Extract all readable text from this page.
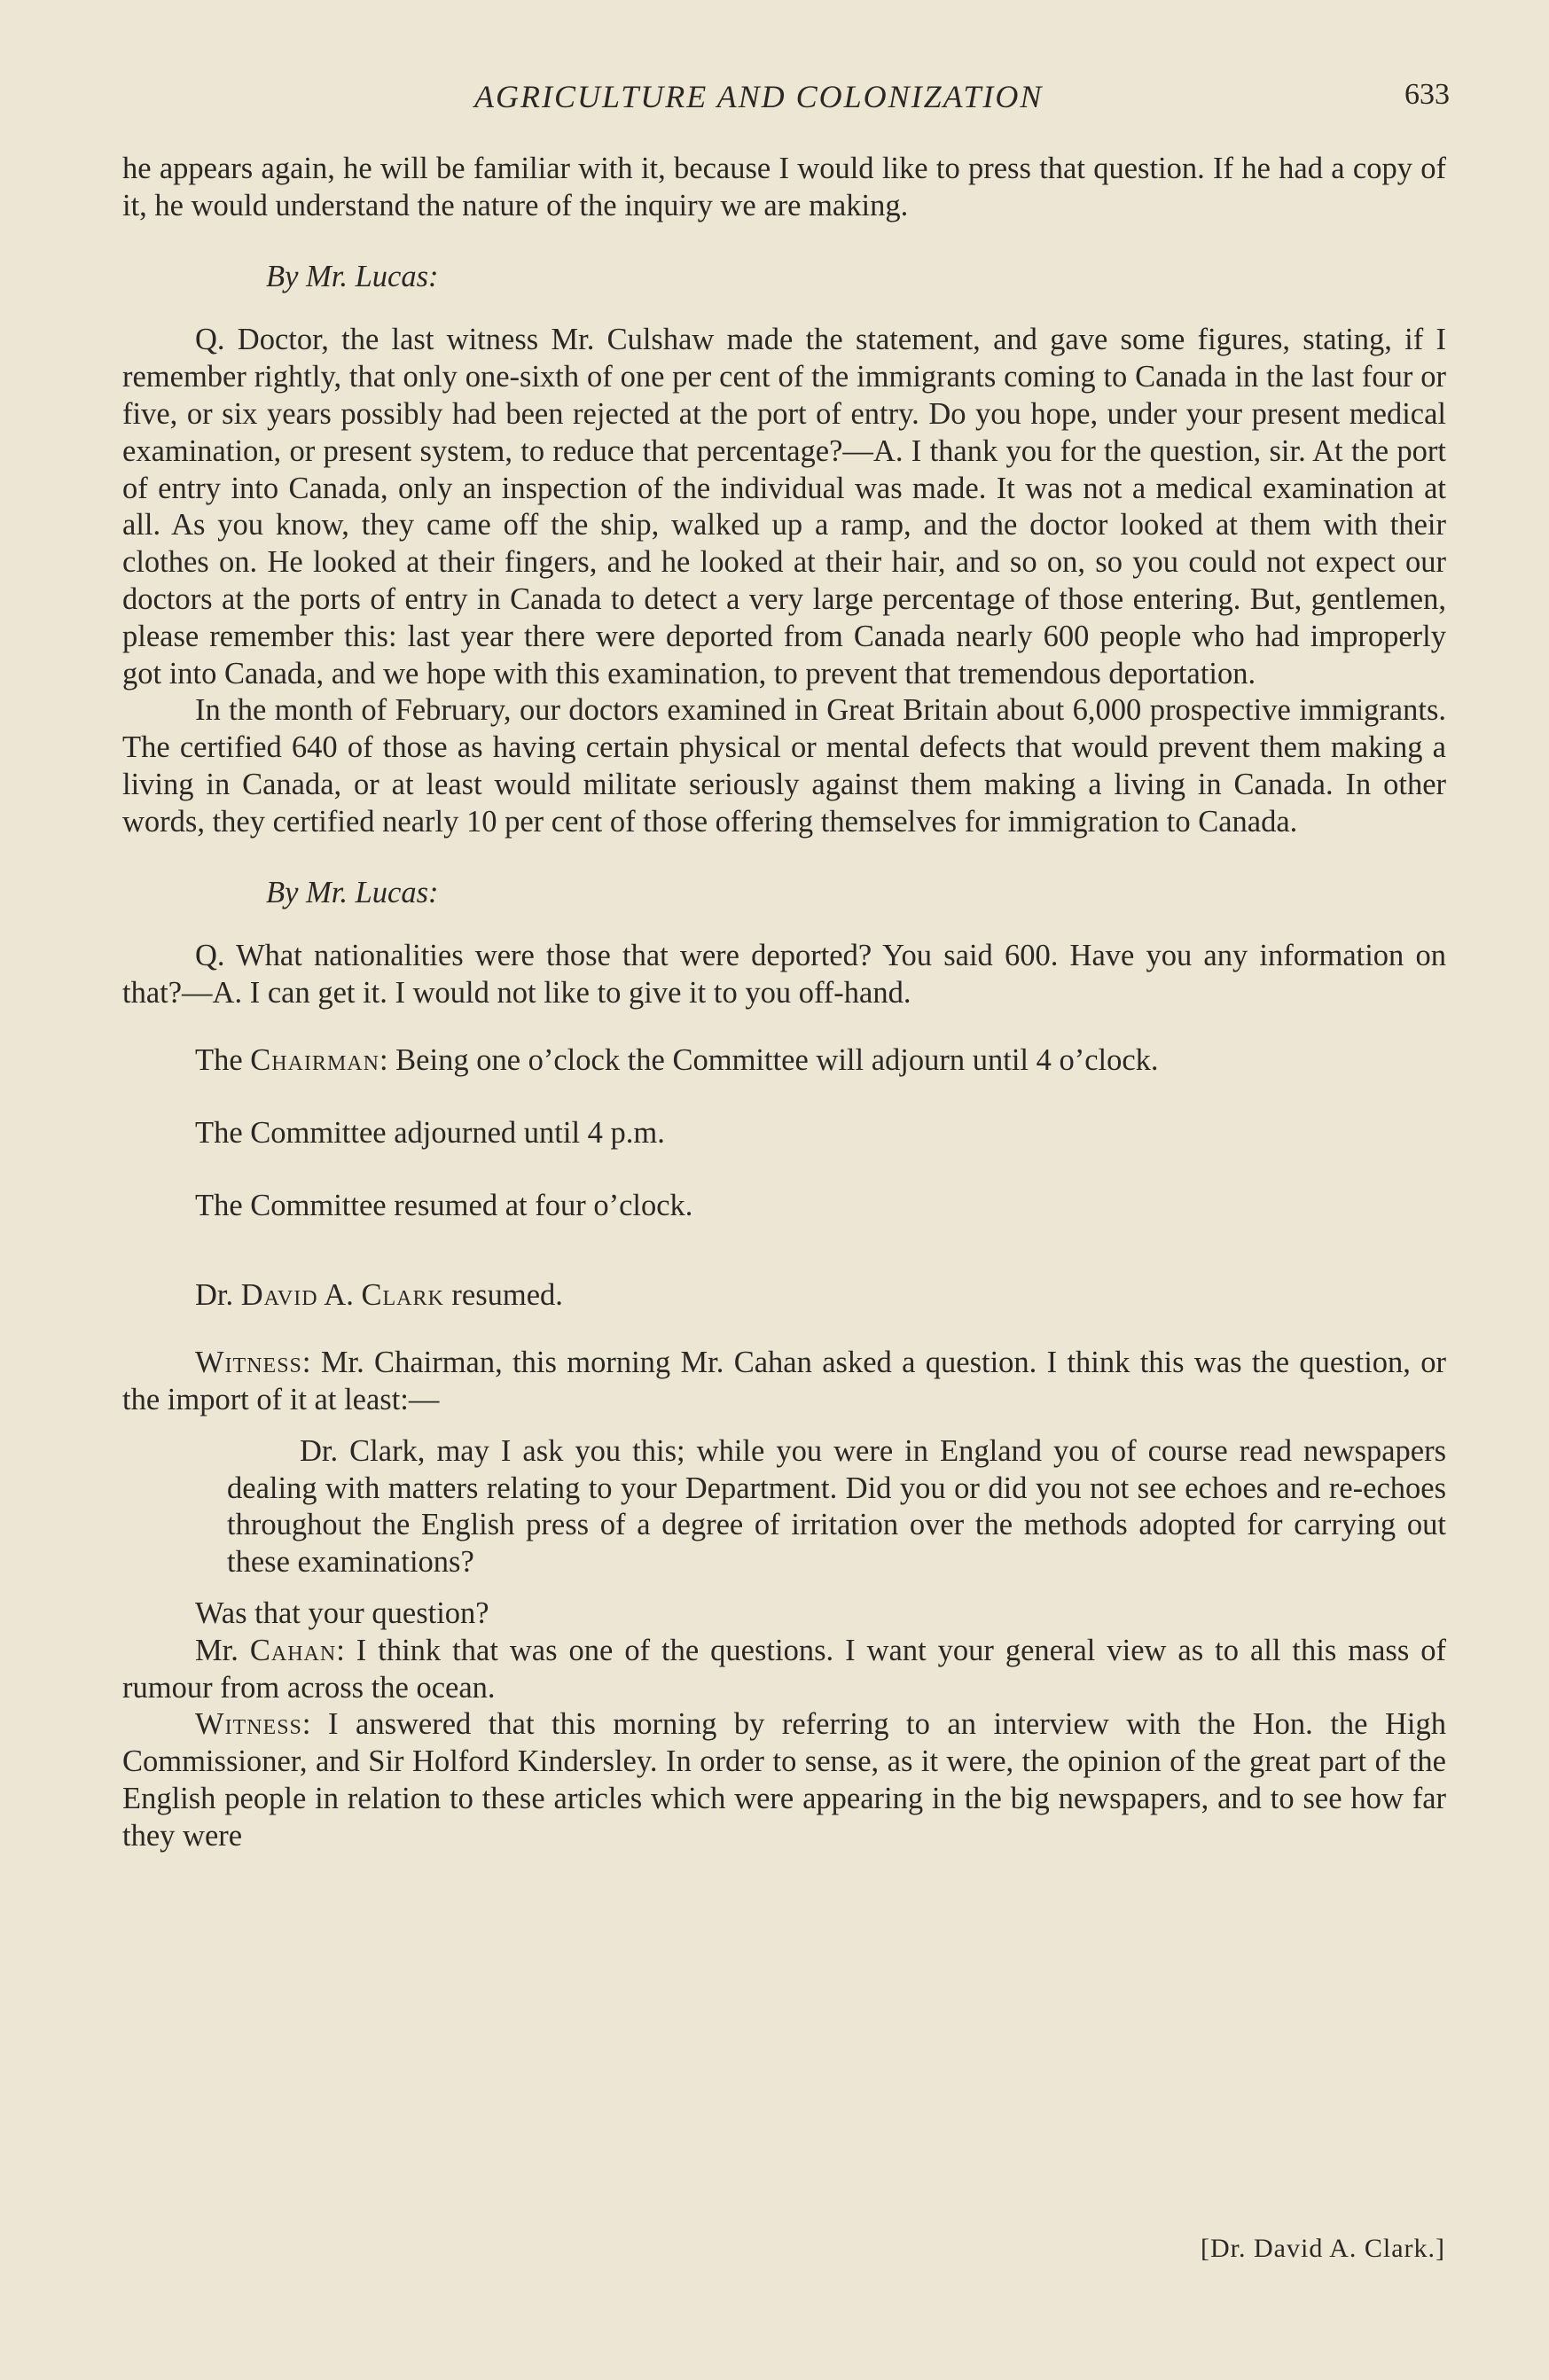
AGRICULTURE AND COLONIZATION	633

he appears again, he will be familiar with it, because I would like to press that question. If he had a copy of it, he would understand the nature of the inquiry we are making.

By Mr. Lucas:

Q. Doctor, the last witness Mr. Culshaw made the statement, and gave some figures, stating, if I remember rightly, that only one-sixth of one per cent of the immigrants coming to Canada in the last four or five, or six years possibly had been rejected at the port of entry. Do you hope, under your present medical examination, or present system, to reduce that percentage?—A. I thank you for the question, sir. At the port of entry into Canada, only an inspection of the individual was made. It was not a medical examination at all. As you know, they came off the ship, walked up a ramp, and the doctor looked at them with their clothes on. He looked at their fingers, and he looked at their hair, and so on, so you could not expect our doctors at the ports of entry in Canada to detect a very large percentage of those entering. But, gentlemen, please remember this: last year there were deported from Canada nearly 600 people who had improperly got into Canada, and we hope with this examination, to prevent that tremendous deportation.

In the month of February, our doctors examined in Great Britain about 6,000 prospective immigrants. The certified 640 of those as having certain physical or mental defects that would prevent them making a living in Canada, or at least would militate seriously against them making a living in Canada. In other words, they certified nearly 10 per cent of those offering themselves for immigration to Canada.

By Mr. Lucas:

Q. What nationalities were those that were deported? You said 600. Have you any information on that?—A. I can get it. I would not like to give it to you off-hand.

The Chairman: Being one o’clock the Committee will adjourn until 4 o’clock.

The Committee adjourned until 4 p.m.

The Committee resumed at four o’clock.

Dr. David A. Clark resumed.

Witness: Mr. Chairman, this morning Mr. Cahan asked a question. I think this was the question, or the import of it at least:—

Dr. Clark, may I ask you this; while you were in England you of course read newspapers dealing with matters relating to your Department. Did you or did you not see echoes and re-echoes throughout the English press of a degree of irritation over the methods adopted for carrying out these examinations?

Was that your question?

Mr. Cahan: I think that was one of the questions. I want your general view as to all this mass of rumour from across the ocean.

Witness: I answered that this morning by referring to an interview with the Hon. the High Commissioner, and Sir Holford Kindersley. In order to sense, as it were, the opinion of the great part of the English people in relation to these articles which were appearing in the big newspapers, and to see how far they were

[Dr. David A. Clark.]
